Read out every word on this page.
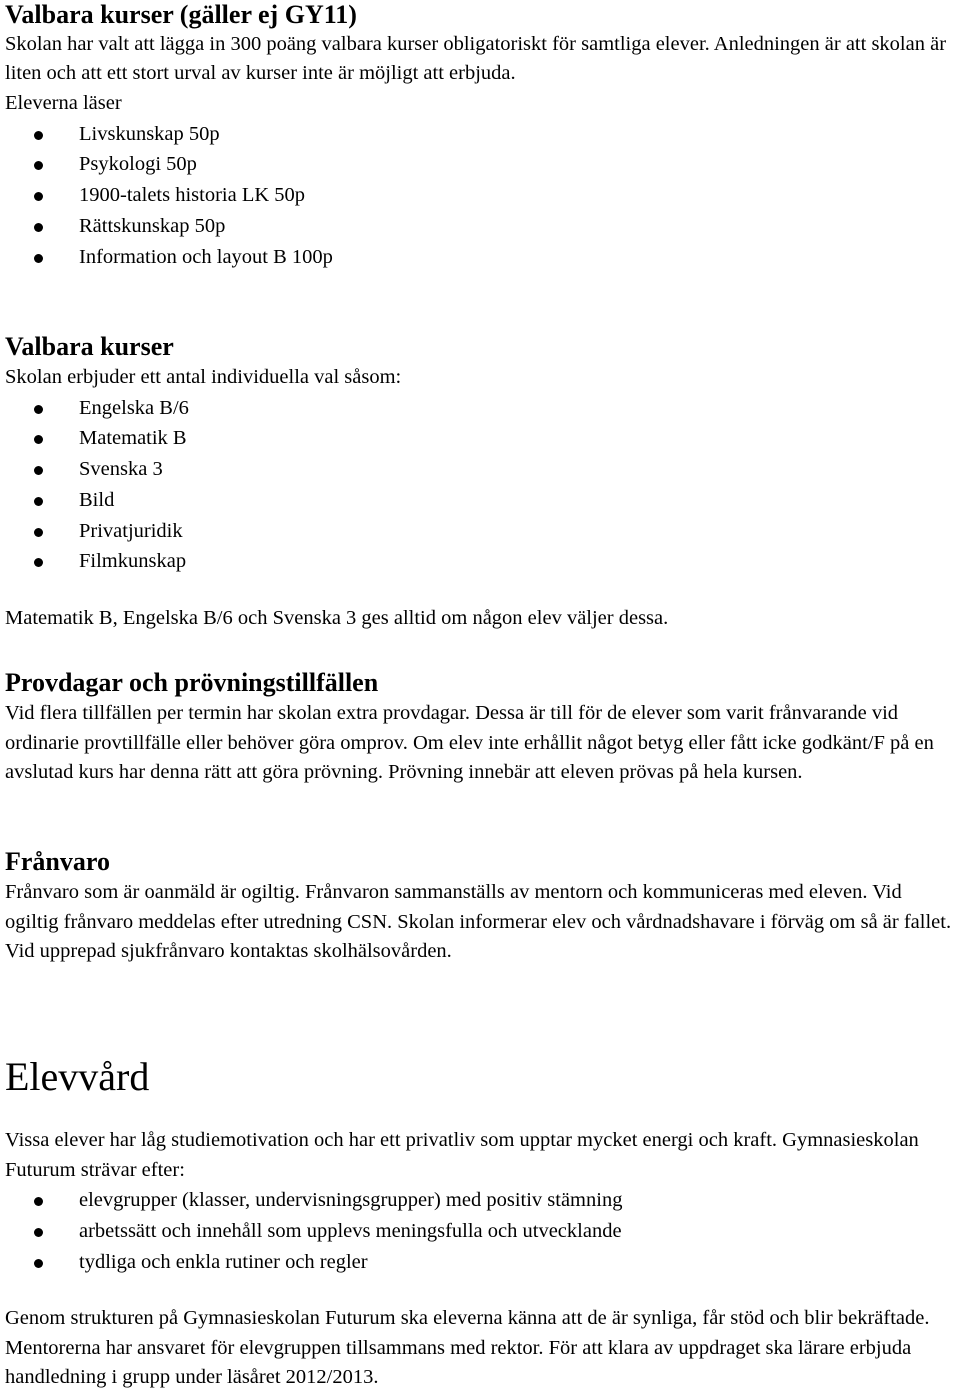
Valbara kurser (gäller ej GY11)

Skolan har valt att lägga in 300 poäng valbara kurser obligatoriskt för samtliga elever. Anledningen är att skolan är liten och att ett stort urval av kurser inte är möjligt att erbjuda.

Eleverna läser

Livskunskap 50p
Psykologi 50p
1900-talets historia LK 50p
Rättskunskap 50p
Information och layout B 100p
Valbara kurser

Skolan erbjuder ett antal individuella val såsom:

Engelska B/6
Matematik B
Svenska 3
Bild
Privatjuridik
Filmkunskap

Matematik B, Engelska B/6 och Svenska 3 ges alltid om någon elev väljer dessa.

Provdagar och prövningstillfällen

Vid flera tillfällen per termin har skolan extra provdagar. Dessa är till för de elever som varit frånvarande vid ordinarie provtillfälle eller behöver göra omprov. Om elev inte erhållit något betyg eller fått icke godkänt/F på en avslutad kurs har denna rätt att göra prövning. Prövning innebär att eleven prövas på hela kursen.

Frånvaro

Frånvaro som är oanmäld är ogiltig. Frånvaron sammanställs av mentorn och kommuniceras med eleven. Vid ogiltig frånvaro meddelas efter utredning CSN. Skolan informerar elev och vårdnadshavare i förväg om så är fallet. Vid upprepad sjukfrånvaro kontaktas skolhälsovården.

Elevvård

Vissa elever har låg studiemotivation och har ett privatliv som upptar mycket energi och kraft. Gymnasieskolan Futurum strävar efter:

elevgrupper (klasser, undervisningsgrupper) med positiv stämning
arbetssätt och innehåll som upplevs meningsfulla och utvecklande
tydliga och enkla rutiner och regler

Genom strukturen på Gymnasieskolan Futurum ska eleverna känna att de är synliga, får stöd och blir bekräftade. Mentorerna har ansvaret för elevgruppen tillsammans med rektor. För att klara av uppdraget ska lärare erbjuda handledning i grupp under läsåret 2012/2013.
